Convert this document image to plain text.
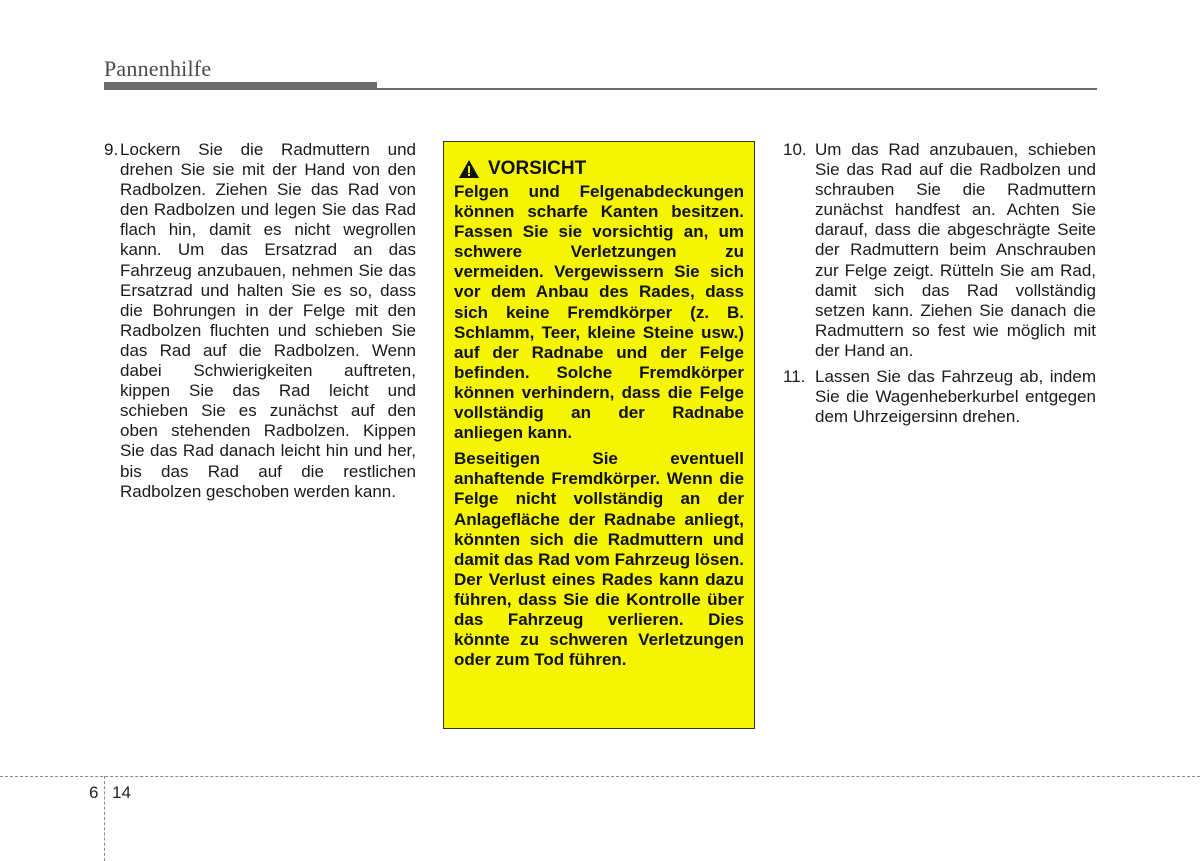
Pannenhilfe
9. Lockern Sie die Radmuttern und drehen Sie sie mit der Hand von den Radbolzen. Ziehen Sie das Rad von den Radbolzen und legen Sie das Rad flach hin, damit es nicht wegrollen kann. Um das Ersatzrad an das Fahrzeug anzubauen, nehmen Sie das Ersatzrad und halten Sie es so, dass die Bohrungen in der Felge mit den Radbolzen fluchten und schieben Sie das Rad auf die Radbolzen. Wenn dabei Schwierigkeiten auftreten, kippen Sie das Rad leicht und schieben Sie es zunächst auf den oben stehenden Radbolzen. Kippen Sie das Rad danach leicht hin und her, bis das Rad auf die restlichen Radbolzen geschoben werden kann.
VORSICHT

Felgen und Felgenabdeckungen können scharfe Kanten besitzen. Fassen Sie sie vorsichtig an, um schwere Verletzungen zu vermeiden. Vergewissern Sie sich vor dem Anbau des Rades, dass sich keine Fremdkörper (z. B. Schlamm, Teer, kleine Steine usw.) auf der Radnabe und der Felge befinden. Solche Fremdkörper können verhindern, dass die Felge vollständig an der Radnabe anliegen kann.

Beseitigen Sie eventuell anhaftende Fremdkörper. Wenn die Felge nicht vollständig an der Anlagefläche der Radnabe anliegt, könnten sich die Radmuttern und damit das Rad vom Fahrzeug lösen. Der Verlust eines Rades kann dazu führen, dass Sie die Kontrolle über das Fahrzeug verlieren. Dies könnte zu schweren Verletzungen oder zum Tod führen.

10. Um das Rad anzubauen, schieben Sie das Rad auf die Radbolzen und schrauben Sie die Radmuttern zunächst handfest an. Achten Sie darauf, dass die abgeschrägte Seite der Radmuttern beim Anschrauben zur Felge zeigt. Rütteln Sie am Rad, damit sich das Rad vollständig setzen kann. Ziehen Sie danach die Radmuttern so fest wie möglich mit der Hand an.
11. Lassen Sie das Fahrzeug ab, indem Sie die Wagenheberkurbel entgegen dem Uhrzeigersinn drehen.
6 14
